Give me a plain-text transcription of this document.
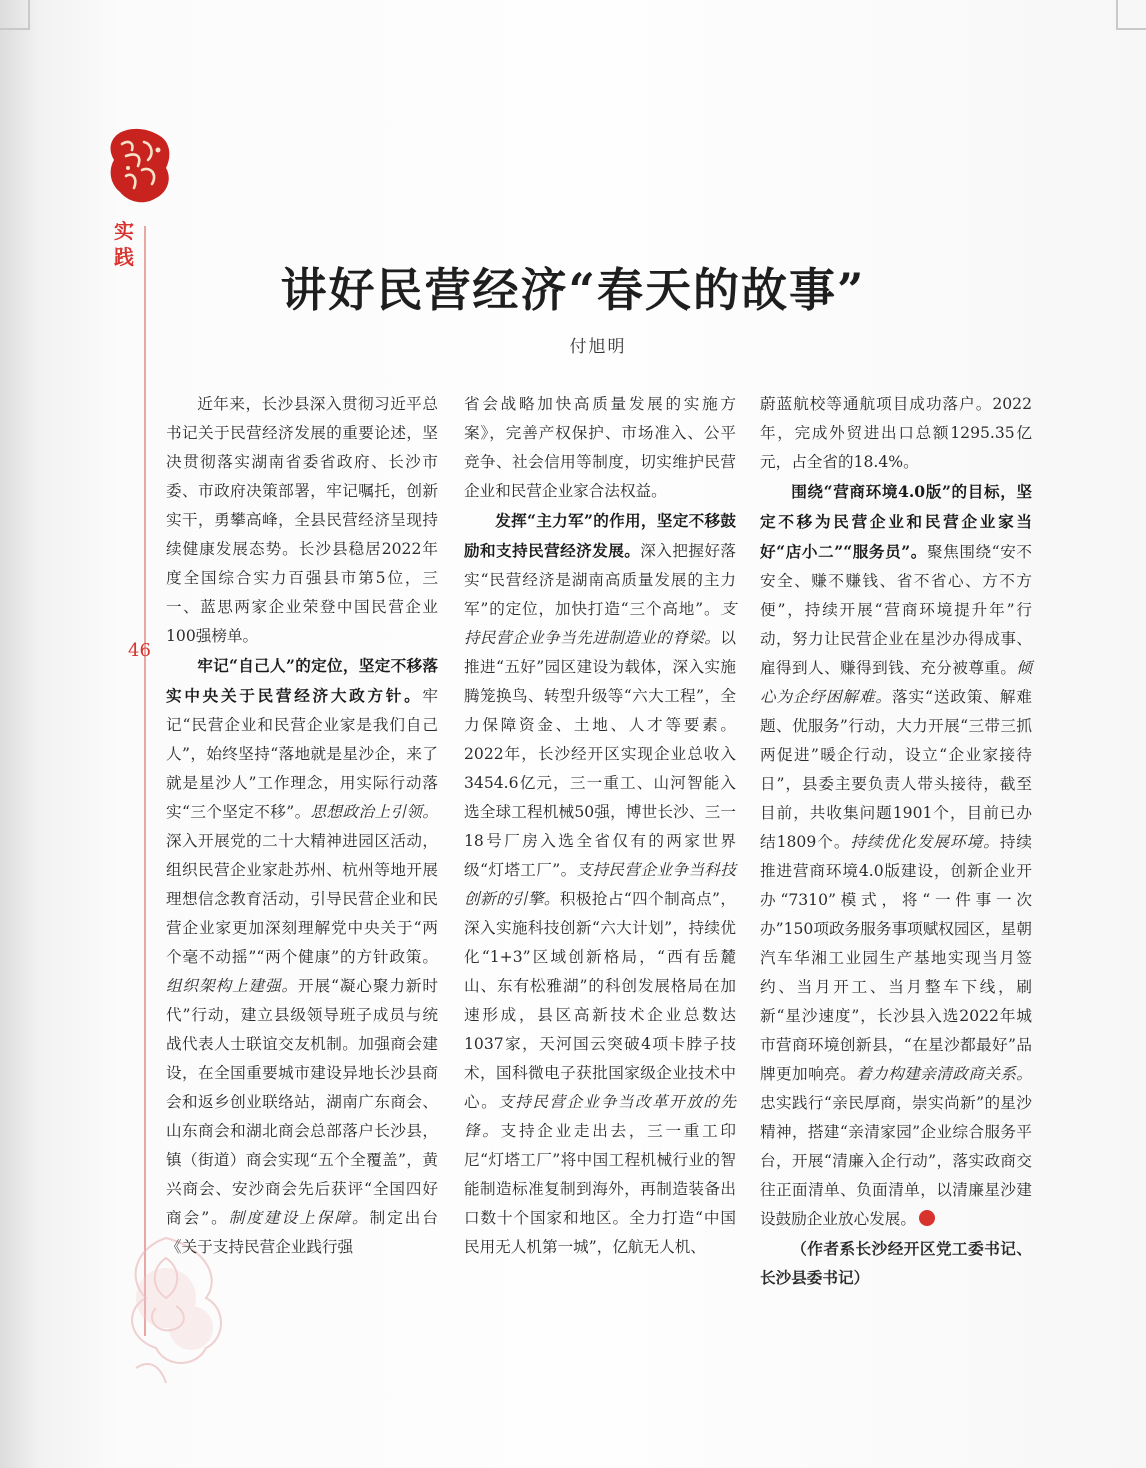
实践
46
讲好民营经济“春天的故事”
付旭明

近年来，长沙县深入贯彻习近平总书记关于民营经济发展的重要论述，坚决贯彻落实湖南省委省政府、长沙市委、市政府决策部署，牢记嘱托，创新实干，勇攀高峰，全县民营经济呈现持续健康发展态势。长沙县稳居2022年度全国综合实力百强县市第5位，三一、蓝思两家企业荣登中国民营企业100强榜单。

牢记“自己人”的定位，坚定不移落实中央关于民营经济大政方针。牢记“民营企业和民营企业家是我们自己人”，始终坚持“落地就是星沙企，来了就是星沙人”工作理念，用实际行动落实“三个坚定不移”。思想政治上引领。深入开展党的二十大精神进园区活动，组织民营企业家赴苏州、杭州等地开展理想信念教育活动，引导民营企业和民营企业家更加深刻理解党中央关于“两个毫不动摇”“两个健康”的方针政策。组织架构上建强。开展“凝心聚力新时代”行动，建立县级领导班子成员与统战代表人士联谊交友机制。加强商会建设，在全国重要城市建设异地长沙县商会和返乡创业联络站，湖南广东商会、山东商会和湖北商会总部落户长沙县，镇（街道）商会实现“五个全覆盖”，黄兴商会、安沙商会先后获评“全国四好商会”。制度建设上保障。制定出台《关于支持民营企业践行强

省会战略加快高质量发展的实施方案》，完善产权保护、市场准入、公平竞争、社会信用等制度，切实维护民营企业和民营企业家合法权益。

发挥“主力军”的作用，坚定不移鼓励和支持民营经济发展。深入把握好落实“民营经济是湖南高质量发展的主力军”的定位，加快打造“三个高地”。支持民营企业争当先进制造业的脊梁。以推进“五好”园区建设为载体，深入实施腾笼换鸟、转型升级等“六大工程”，全力保障资金、土地、人才等要素。2022年，长沙经开区实现企业总收入3454.6亿元，三一重工、山河智能入选全球工程机械50强，博世长沙、三一18号厂房入选全省仅有的两家世界级“灯塔工厂”。支持民营企业争当科技创新的引擎。积极抢占“四个制高点”，深入实施科技创新“六大计划”，持续优化“1+3”区域创新格局，“西有岳麓山、东有松雅湖”的科创发展格局在加速形成，县区高新技术企业总数达1037家，天河国云突破4项卡脖子技术，国科微电子获批国家级企业技术中心。支持民营企业争当改革开放的先锋。支持企业走出去，三一重工印尼“灯塔工厂”将中国工程机械行业的智能制造标准复制到海外，再制造装备出口数十个国家和地区。全力打造“中国民用无人机第一城”，亿航无人机、

蔚蓝航校等通航项目成功落户。2022年，完成外贸进出口总额1295.35亿元，占全省的18.4%。

围绕“营商环境4.0版”的目标，坚定不移为民营企业和民营企业家当好“店小二”“服务员”。聚焦围绕“安不安全、赚不赚钱、省不省心、方不方便”，持续开展“营商环境提升年”行动，努力让民营企业在星沙办得成事、雇得到人、赚得到钱、充分被尊重。倾心为企纾困解难。落实“送政策、解难题、优服务”行动，大力开展“三带三抓两促进”暖企行动，设立“企业家接待日”，县委主要负责人带头接待，截至目前，共收集问题1901个，目前已办结1809个。持续优化发展环境。持续推进营商环境4.0版建设，创新企业开办“7310”模式，将“一件事一次办”150项政务服务事项赋权园区，星朝汽车华湘工业园生产基地实现当月签约、当月开工、当月整车下线，刷新“星沙速度”，长沙县入选2022年城市营商环境创新县，“在星沙都最好”品牌更加响亮。着力构建亲清政商关系。忠实践行“亲民厚商，崇实尚新”的星沙精神，搭建“亲清家园”企业综合服务平台，开展“清廉入企行动”，落实政商交往正面清单、负面清单，以清廉星沙建设鼓励企业放心发展。

（作者系长沙经开区党工委书记、长沙县委书记）
